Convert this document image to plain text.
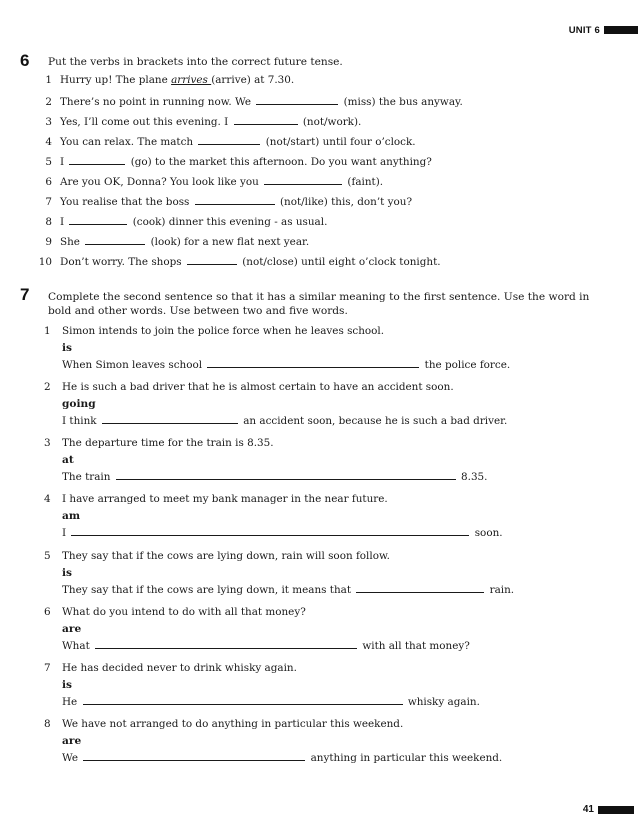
UNIT 6
6 Put the verbs in brackets into the correct future tense.
1 Hurry up! The plane arrives (arrive) at 7.30.
2 There’s no point in running now. We	(miss) the bus anyway.
3 Yes, I’ll come out this evening. I	(not/work).
4 You can relax. The match	(not/start) until four o’clock.
5 I	(go) to the market this afternoon. Do you want anything?
6 Are you OK, Donna? You look like you	(faint).
7 You realise that the boss	(not/like) this, don’t you?
8 I	(cook) dinner this evening - as usual.
9 She	(look) for a new flat next year.
10 Don’t worry. The shops	(not/close) until eight o’clock tonight.
7 Complete the second sentence so that it has a similar meaning to the first sentence. Use the word in bold and other words. Use between two and five words.
1 Simon intends to join the police force when he leaves school.
is
When Simon leaves school	the police force.
2 He is such a bad driver that he is almost certain to have an accident soon.
going
I think	an accident soon, because he is such a bad driver.
3 The departure time for the train is 8.35.
at
The train	8.35.
4 I have arranged to meet my bank manager in the near future.
am
I	soon.
5 They say that if the cows are lying down, rain will soon follow.
is
They say that if the cows are lying down, it means that	rain.
6 What do you intend to do with all that money?
are
What	with all that money?
7 He has decided never to drink whisky again.
is
He	whisky again.
8 We have not arranged to do anything in particular this weekend.
are
We	anything in particular this weekend.
41
